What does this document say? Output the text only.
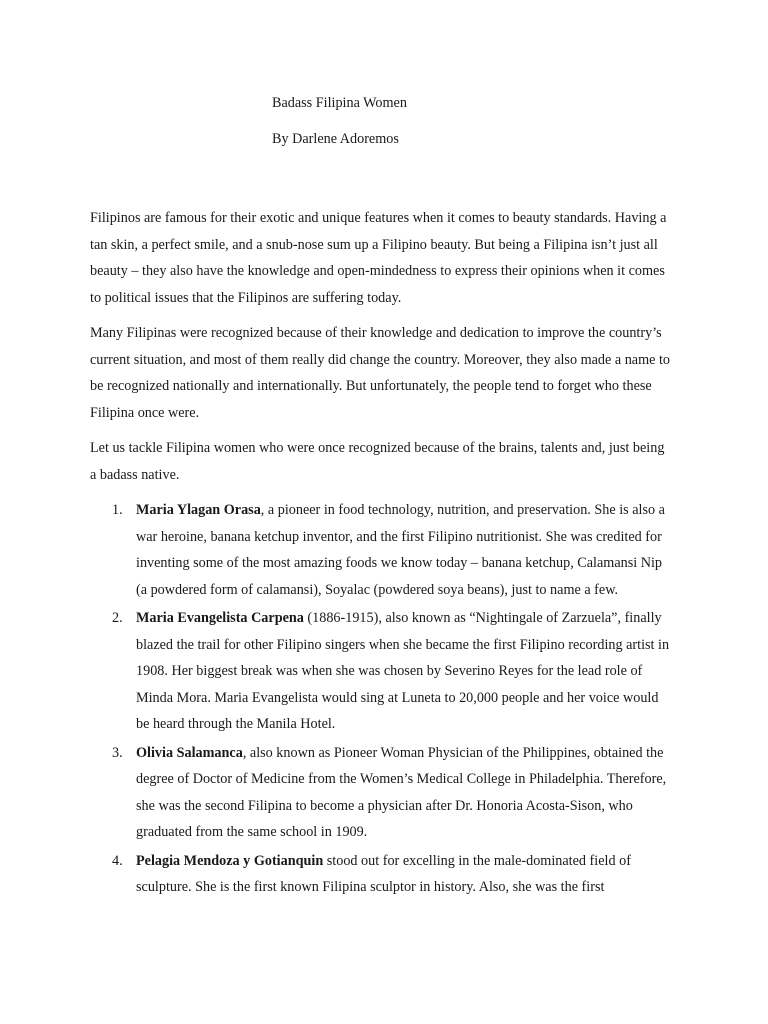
Badass Filipina Women
By Darlene Adoremos

Filipinos are famous for their exotic and unique features when it comes to beauty standards. Having a tan skin, a perfect smile, and a snub-nose sum up a Filipino beauty. But being a Filipina isn’t just all beauty – they also have the knowledge and open-mindedness to express their opinions when it comes to political issues that the Filipinos are suffering today.

Many Filipinas were recognized because of their knowledge and dedication to improve the country’s current situation, and most of them really did change the country. Moreover, they also made a name to be recognized nationally and internationally. But unfortunately, the people tend to forget who these Filipina once were.

Let us tackle Filipina women who were once recognized because of the brains, talents and, just being a badass native.

1. Maria Ylagan Orasa, a pioneer in food technology, nutrition, and preservation. She is also a war heroine, banana ketchup inventor, and the first Filipino nutritionist. She was credited for inventing some of the most amazing foods we know today – banana ketchup, Calamansi Nip (a powdered form of calamansi), Soyalac (powdered soya beans), just to name a few.
2. Maria Evangelista Carpena (1886-1915), also known as “Nightingale of Zarzuela”, finally blazed the trail for other Filipino singers when she became the first Filipino recording artist in 1908. Her biggest break was when she was chosen by Severino Reyes for the lead role of Minda Mora. Maria Evangelista would sing at Luneta to 20,000 people and her voice would be heard through the Manila Hotel.
3. Olivia Salamanca, also known as Pioneer Woman Physician of the Philippines, obtained the degree of Doctor of Medicine from the Women’s Medical College in Philadelphia. Therefore, she was the second Filipina to become a physician after Dr. Honoria Acosta-Sison, who graduated from the same school in 1909.
4. Pelagia Mendoza y Gotianquin stood out for excelling in the male-dominated field of sculpture. She is the first known Filipina sculptor in history. Also, she was the first
